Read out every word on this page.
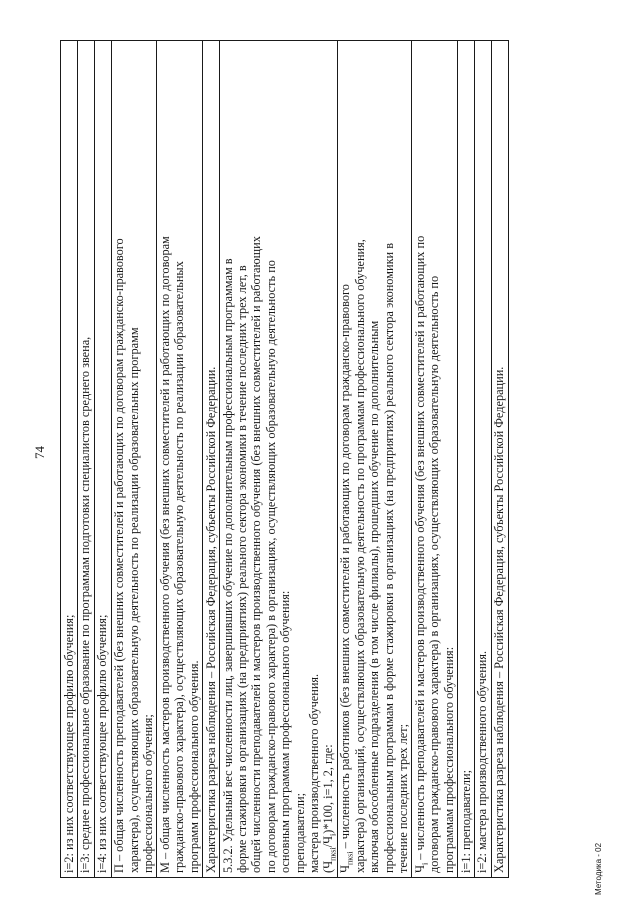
74
i=2: из них соответствующее профилю обучения;

i=3: среднее профессиональное образование по программам подготовки специалистов среднего звена,

i=4: из них соответствующее профилю обучения;

П – общая численность преподавателей (без внешних совместителей и работающих по договорам гражданско-правового характера), осуществляющих образовательную деятельность по реализации образовательных программ профессионального обучения;

М – общая численность мастеров производственного обучения (без внешних совместителей и работающих по договорам гражданско-правового характера), осуществляющих образовательную деятельность по реализации образовательных программ профессионального обучения.

Характеристика разреза наблюдения – Российская Федерация, субъекты Российской Федерации.

5.3.2. Удельный вес численности лиц, завершивших обучение по дополнительным профессиональным программам в форме стажировки в организациях (на предприятиях) реального сектора экономики в течение последних трех лет, в общей численности преподавателей и мастеров производственного обучения (без внешних совместителей и работающих по договорам гражданско-правового характера) в организациях, осуществляющих образовательную деятельность по основным программам профессионального обучения: преподаватели; мастера производственного обучения. $(Ч_{пкsi}/Ч_i)*100$, i=1, 2, где:

$Ч_{пкsi}$ – численность работников (без внешних совместителей и работающих по договорам гражданско-правового характера) организаций, осуществляющих образовательную деятельность по программам профессионального обучения, включая обособленные подразделения (в том числе филиалы), прошедших обучение по дополнительным профессиональным программам в форме стажировки в организациях (на предприятиях) реального сектора экономики в течение последних трех лет;

$Ч_i$ – численность преподавателей и мастеров производственного обучения (без внешних совместителей и работающих по договорам гражданско-правового характера) в организациях, осуществляющих образовательную деятельность по программам профессионального обучения:

i=1: преподаватели;

i=2: мастера производственного обучения.

Характеристика разреза наблюдения – Российская Федерация, субъекты Российской Федерации.	Методика - 02
